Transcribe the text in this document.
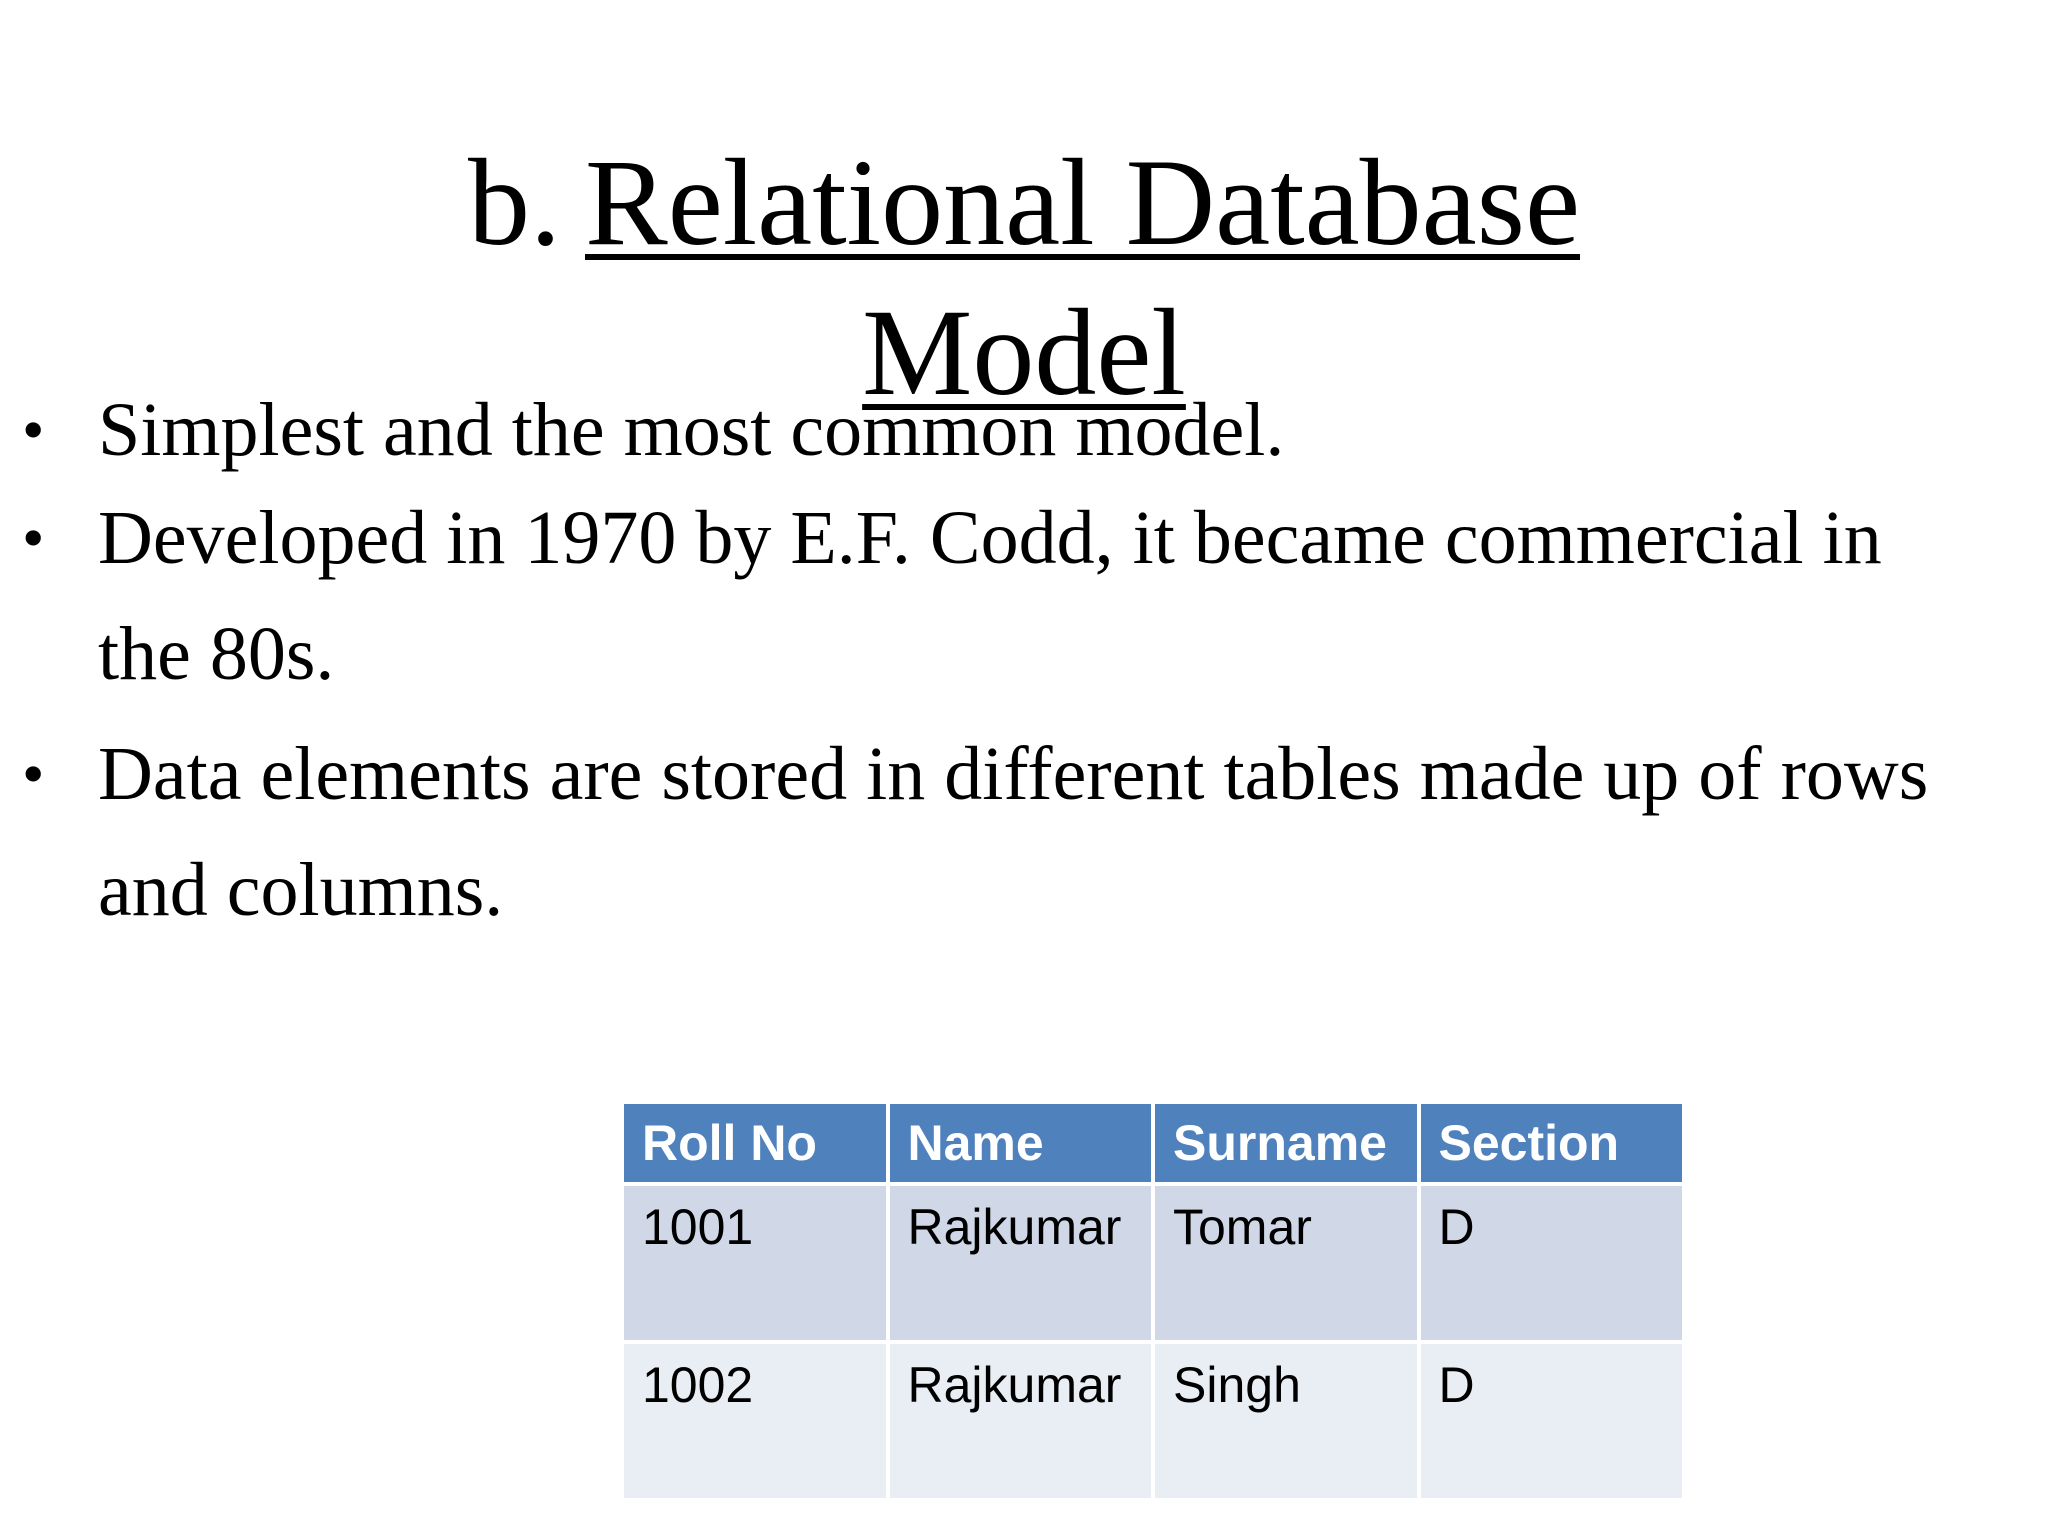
b. Relational Database
Model
• Simplest and the most common model.
• Developed in 1970 by E.F. Codd, it became commercial in the 80s.
• Data elements are stored in different tables made up of rows and columns.
Roll No	Name	Surname	Section
1001	Rajkumar	Tomar	D
1002	Rajkumar	Singh	D
